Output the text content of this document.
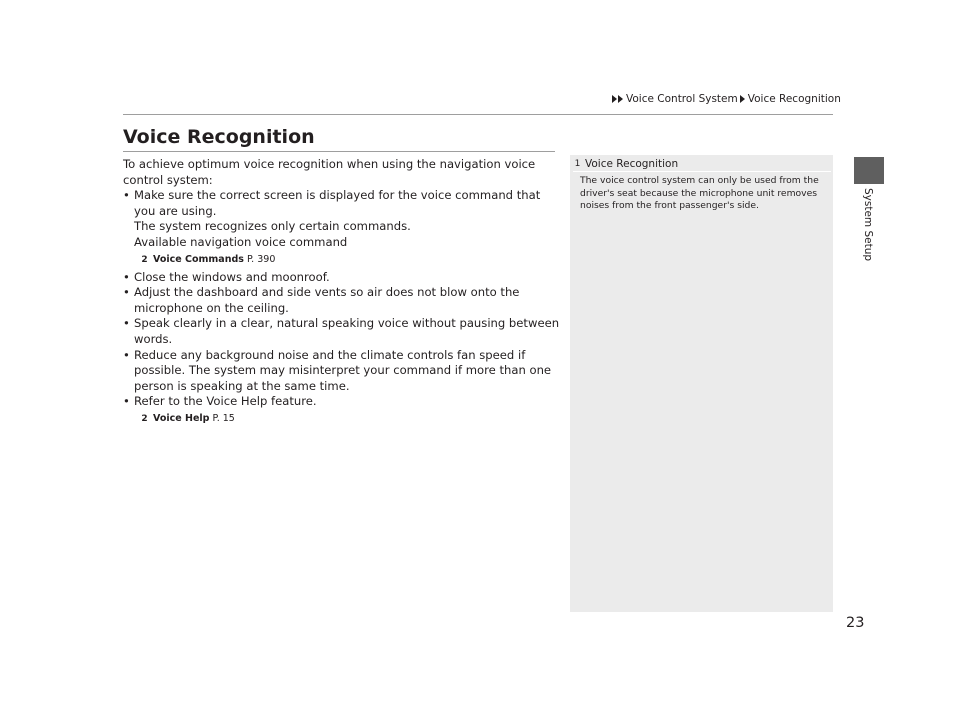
Voice Control System Voice Recognition
System Setup
Voice Recognition

To achieve optimum voice recognition when using the navigation voice control system:

• Make sure the correct screen is displayed for the voice command that you are using.
The system recognizes only certain commands.
Available navigation voice command
2 Voice Commands P. 390
• Close the windows and moonroof.
• Adjust the dashboard and side vents so air does not blow onto the microphone on the ceiling.
• Speak clearly in a clear, natural speaking voice without pausing between words.
• Reduce any background noise and the climate controls fan speed if possible. The system may misinterpret your command if more than one person is speaking at the same time.
• Refer to the Voice Help feature.
2 Voice Help P. 15
1 Voice Recognition
The voice control system can only be used from the driver's seat because the microphone unit removes noises from the front passenger's side.
23
